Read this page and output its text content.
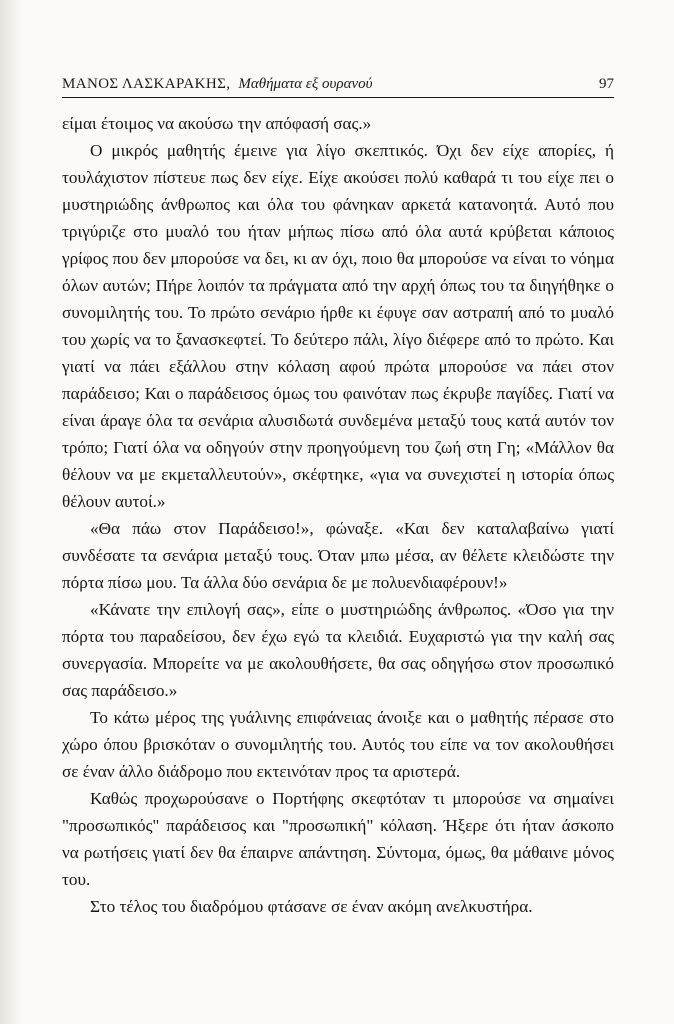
ΜΑΝΟΣ ΛΑΣΚΑΡΑΚΗΣ, Μαθήματα εξ ουρανού	97

είμαι έτοιμος να ακούσω την απόφασή σας.»

Ο μικρός μαθητής έμεινε για λίγο σκεπτικός. Όχι δεν είχε απορίες, ή τουλάχιστον πίστευε πως δεν είχε. Είχε ακούσει πολύ καθαρά τι του είχε πει ο μυστηριώδης άνθρωπος και όλα του φάνηκαν αρκετά κατανοητά. Αυτό που τριγύριζε στο μυαλό του ήταν μήπως πίσω από όλα αυτά κρύβεται κάποιος γρίφος που δεν μπορούσε να δει, κι αν όχι, ποιο θα μπορούσε να είναι το νόημα όλων αυτών; Πήρε λοιπόν τα πράγματα από την αρχή όπως του τα διηγήθηκε ο συνομιλητής του. Το πρώτο σενάριο ήρθε κι έφυγε σαν αστραπή από το μυαλό του χωρίς να το ξανασκεφτεί. Το δεύτερο πάλι, λίγο διέφερε από το πρώτο. Και γιατί να πάει εξάλλου στην κόλαση αφού πρώτα μπορούσε να πάει στον παράδεισο; Και ο παράδεισος όμως του φαινόταν πως έκρυβε παγίδες. Γιατί να είναι άραγε όλα τα σενάρια αλυσιδωτά συνδεμένα μεταξύ τους κατά αυτόν τον τρόπο; Γιατί όλα να οδηγούν στην προηγούμενη του ζωή στη Γη; «Μάλλον θα θέλουν να με εκμεταλλευτούν», σκέφτηκε, «για να συνεχιστεί η ιστορία όπως θέλουν αυτοί.»

«Θα πάω στον Παράδεισο!», φώναξε. «Και δεν καταλαβαίνω γιατί συνδέσατε τα σενάρια μεταξύ τους. Όταν μπω μέσα, αν θέλετε κλειδώστε την πόρτα πίσω μου. Τα άλλα δύο σενάρια δε με πολυενδιαφέρουν!»

«Κάνατε την επιλογή σας», είπε ο μυστηριώδης άνθρωπος. «Όσο για την πόρτα του παραδείσου, δεν έχω εγώ τα κλειδιά. Ευχαριστώ για την καλή σας συνεργασία. Μπορείτε να με ακολουθήσετε, θα σας οδηγήσω στον προσωπικό σας παράδεισο.»

Το κάτω μέρος της γυάλινης επιφάνειας άνοιξε και ο μαθητής πέρασε στο χώρο όπου βρισκόταν ο συνομιλητής του. Αυτός του είπε να τον ακολουθήσει σε έναν άλλο διάδρομο που εκτεινόταν προς τα αριστερά.

Καθώς προχωρούσανε ο Πορτήφης σκεφτόταν τι μπορούσε να σημαίνει "προσωπικός" παράδεισος και "προσωπική" κόλαση. Ήξερε ότι ήταν άσκοπο να ρωτήσεις γιατί δεν θα έπαιρνε απάντηση. Σύντομα, όμως, θα μάθαινε μόνος του.

Στο τέλος του διαδρόμου φτάσανε σε έναν ακόμη ανελκυστήρα.
